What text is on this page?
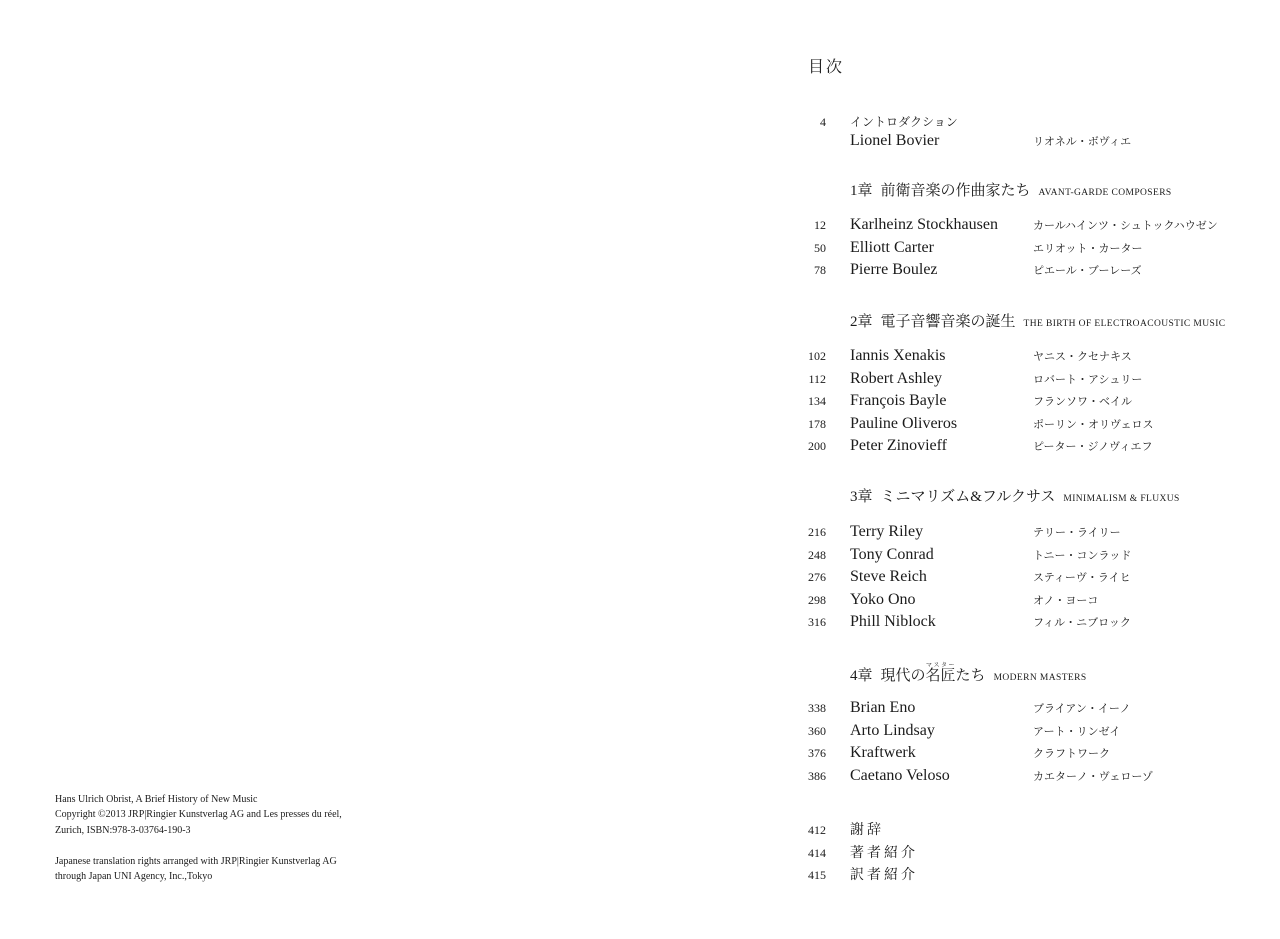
Hans Ulrich Obrist, A Brief History of New Music
Copyright ©2013 JRP|Ringier Kunstverlag AG and Les presses du réel,
Zurich, ISBN:978-3-03764-190-3

Japanese translation rights arranged with JRP|Ringier Kunstverlag AG
through Japan UNI Agency, Inc.,Tokyo

目次
4 イントロダクション
Lionel Bovier	リオネル・ボヴィエ
1章 前衛音楽の作曲家たち AVANT-GARDE COMPOSERS
12 Karlheinz Stockhausen	カールハインツ・シュトックハウゼン
50 Elliott Carter	エリオット・カーター
78 Pierre Boulez	ピエール・ブーレーズ
2章 電子音響音楽の誕生 THE BIRTH OF ELECTROACOUSTIC MUSIC
102 Iannis Xenakis	ヤニス・クセナキス
112 Robert Ashley	ロバート・アシュリー
134 François Bayle	フランソワ・ベイル
178 Pauline Oliveros	ポーリン・オリヴェロス
200 Peter Zinovieff	ピーター・ジノヴィエフ
3章 ミニマリズム&フルクサス MINIMALISM & FLUXUS
216 Terry Riley	テリー・ライリー
248 Tony Conrad	トニー・コンラッド
276 Steve Reich	スティーヴ・ライヒ
298 Yoko Ono	オノ・ヨーコ
316 Phill Niblock	フィル・ニブロック
4章 現代の名匠マスターたち MODERN MASTERS
338 Brian Eno	ブライアン・イーノ
360 Arto Lindsay	アート・リンゼイ
376 Kraftwerk	クラフトワーク
386 Caetano Veloso	カエターノ・ヴェローゾ
412 謝辞
414 著者紹介
415 訳者紹介
